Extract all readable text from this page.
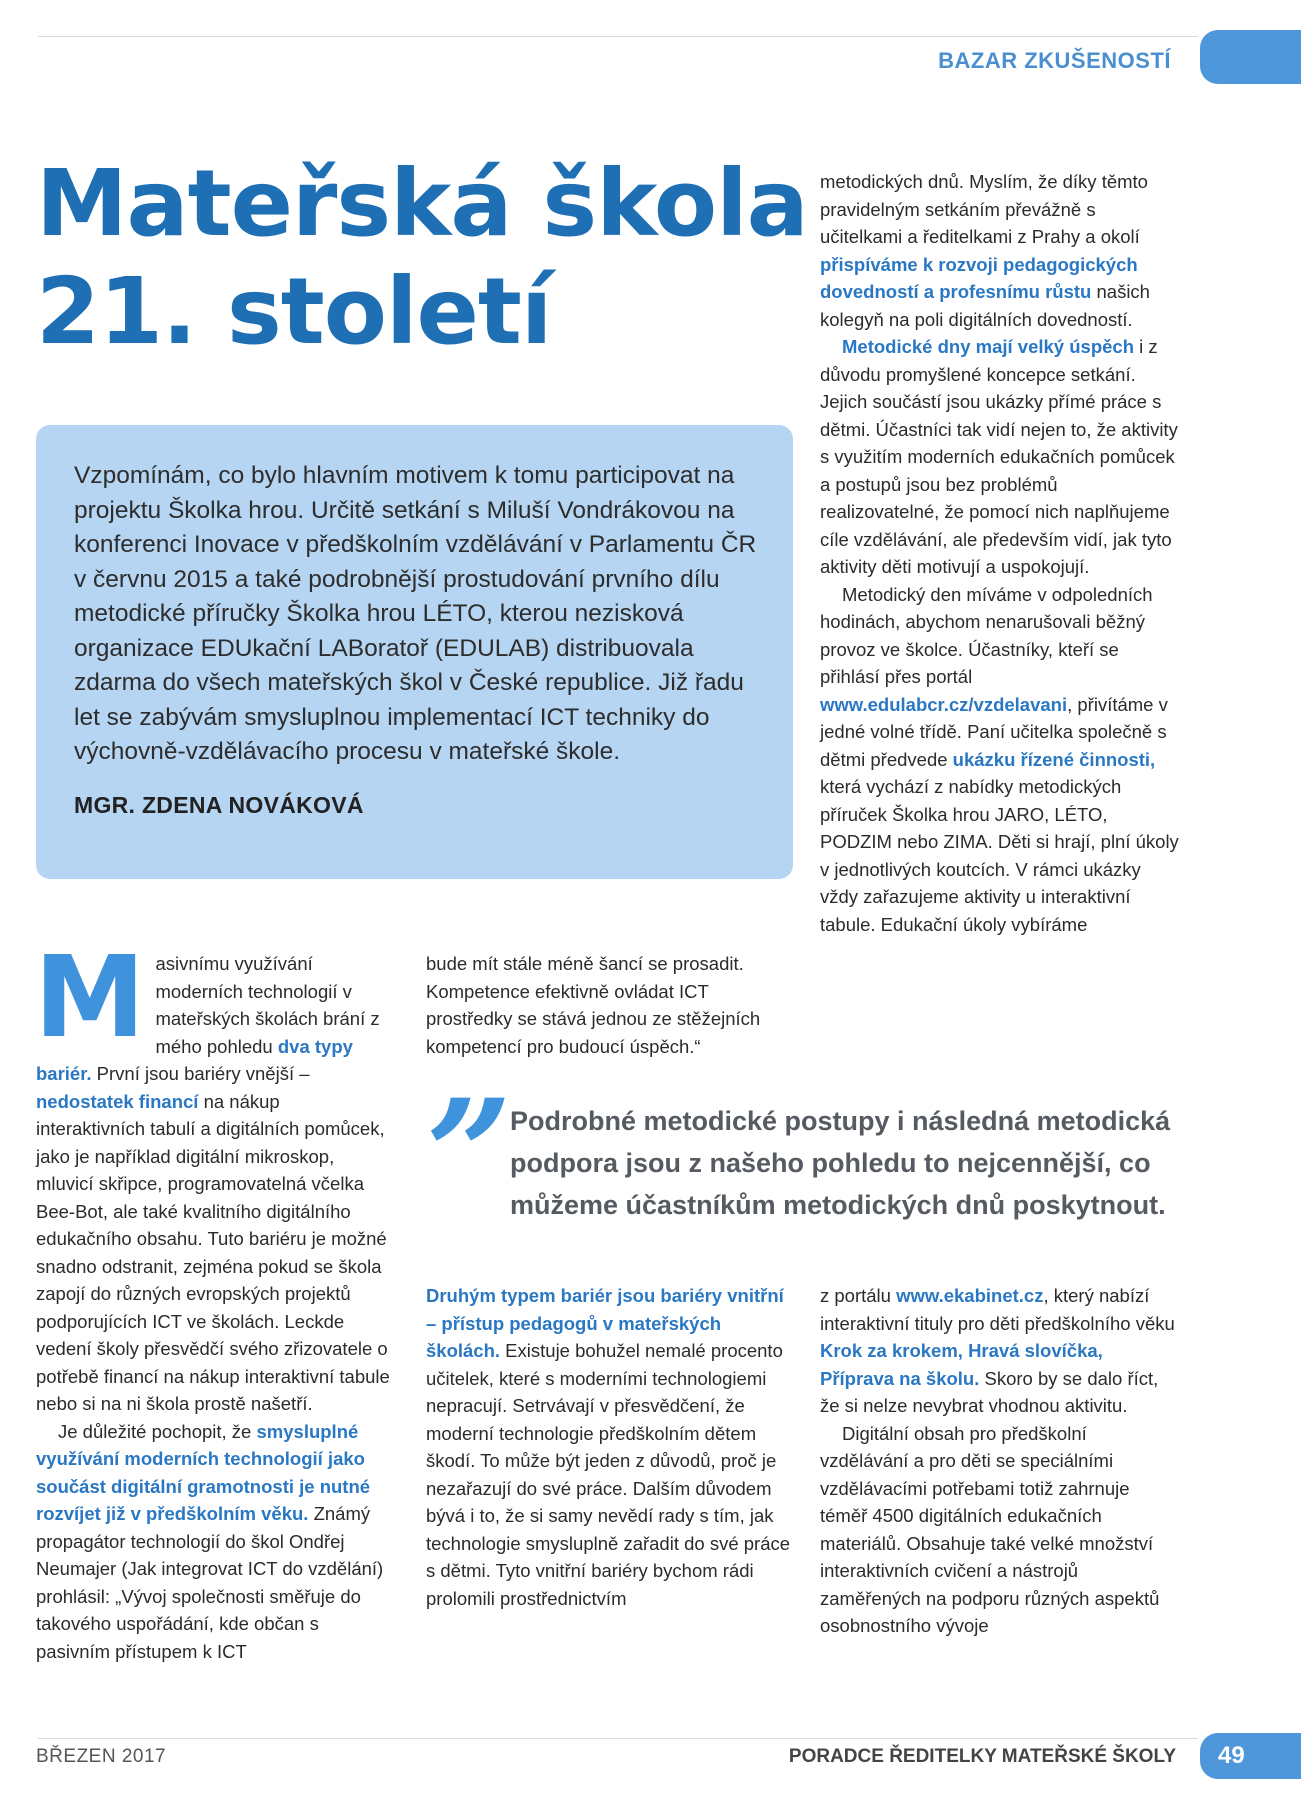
BAZAR ZKUŠENOSTÍ
Mateřská škola
21. století

Vzpomínám, co bylo hlavním motivem k tomu participovat na projektu Školka hrou. Určitě setkání s Miluší Vondrákovou na konferenci Inovace v předškolním vzdělávání v Parlamentu ČR v červnu 2015 a také podrobnější prostudování prvního dílu metodické příručky Školka hrou LÉTO, kterou nezisková organizace EDUkační LABoratoř (EDULAB) distribuovala zdarma do všech mateřských škol v České republice. Již řadu let se zabývám smysluplnou implementací ICT techniky do výchovně-vzdělávacího procesu v mateřské škole.

MGR. ZDENA NOVÁKOVÁ

Masivnímu využívání moderních technologií v mateřských školách brání z mého pohledu dva typy bariér. První jsou bariéry vnější – nedostatek financí na nákup interaktivních tabulí a digitálních pomůcek, jako je například digitální mikroskop, mluvicí skřipce, programovatelná včelka Bee-Bot, ale také kvalitního digitálního edukačního obsahu. Tuto bariéru je možné snadno odstranit, zejména pokud se škola zapojí do různých evropských projektů podporujících ICT ve školách. Leckde vedení školy přesvědčí svého zřizovatele o potřebě financí na nákup interaktivní tabule nebo si na ni škola prostě našetří.

Je důležité pochopit, že smysluplné využívání moderních technologií jako součást digitální gramotnosti je nutné rozvíjet již v předškolním věku. Známý propagátor technologií do škol Ondřej Neumajer (Jak integrovat ICT do vzdělání) prohlásil: „Vývoj společnosti směřuje do takového uspořádání, kde občan s pasivním přístupem k ICT

bude mít stále méně šancí se prosadit. Kompetence efektivně ovládat ICT prostředky se stává jednou ze stěžejních kompetencí pro budoucí úspěch.“

metodických dnů. Myslím, že díky těmto pravidelným setkáním převážně s učitelkami a ředitelkami z Prahy a okolí přispíváme k rozvoji pedagogických dovedností a profesnímu růstu našich kolegyň na poli digitálních dovedností.

Metodické dny mají velký úspěch i z důvodu promyšlené koncepce setkání. Jejich součástí jsou ukázky přímé práce s dětmi. Účastníci tak vidí nejen to, že aktivity s využitím moderních edukačních pomůcek a postupů jsou bez problémů realizovatelné, že pomocí nich naplňujeme cíle vzdělávání, ale především vidí, jak tyto aktivity děti motivují a uspokojují.

Metodický den míváme v odpoledních hodinách, abychom nenarušovali běžný provoz ve školce. Účastníky, kteří se přihlásí přes portál www.edulabcr.cz/vzdelavani, přivítáme v jedné volné třídě. Paní učitelka společně s dětmi předvede ukázku řízené činnosti, která vychází z nabídky metodických příruček Školka hrou JARO, LÉTO, PODZIM nebo ZIMA. Děti si hrají, plní úkoly v jednotlivých koutcích. V rámci ukázky vždy zařazujeme aktivity u interaktivní tabule. Edukační úkoly vybíráme

”
Podrobné metodické postupy i následná metodická podpora jsou z našeho pohledu to nejcennější, co můžeme účastníkům metodických dnů poskytnout.

Druhým typem bariér jsou bariéry vnitřní – přístup pedagogů v mateřských školách. Existuje bohužel nemalé procento učitelek, které s moderními technologiemi nepracují. Setrvávají v přesvědčení, že moderní technologie předškolním dětem škodí. To může být jeden z důvodů, proč je nezařazují do své práce. Dalším důvodem bývá i to, že si samy nevědí rady s tím, jak technologie smysluplně zařadit do své práce s dětmi. Tyto vnitřní bariéry bychom rádi prolomili prostřednictvím

z portálu www.ekabinet.cz, který nabízí interaktivní tituly pro děti předškolního věku Krok za krokem, Hravá slovíčka, Příprava na školu. Skoro by se dalo říct, že si nelze nevybrat vhodnou aktivitu.

Digitální obsah pro předškolní vzdělávání a pro děti se speciálními vzdělávacími potřebami totiž zahrnuje téměř 4500 digitálních edukačních materiálů. Obsahuje také velké množství interaktivních cvičení a nástrojů zaměřených na podporu různých aspektů osobnostního vývoje

BŘEZEN 2017	PORADCE ŘEDITELKY MATEŘSKÉ ŠKOLY 49
